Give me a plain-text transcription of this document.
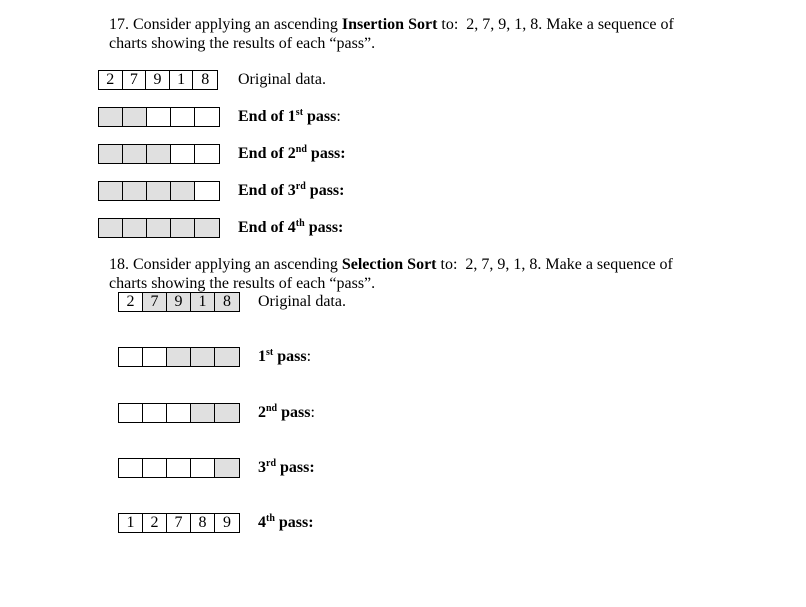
17. Consider applying an ascending Insertion Sort to: 2, 7, 9, 1, 8. Make a sequence of charts showing the results of each “pass”.
2 7 9 1	8	Original data.
End of 1st pass:
End of 2nd pass:
End of 3rd pass:
End of 4th pass:
18. Consider applying an ascending Selection Sort to: 2, 7, 9, 1, 8. Make a sequence of charts showing the results of each “pass”.
2	7	9	1	8	Original data.
1st pass:
2nd pass:
3rd pass:
1	2	7	8	9	4th pass:
